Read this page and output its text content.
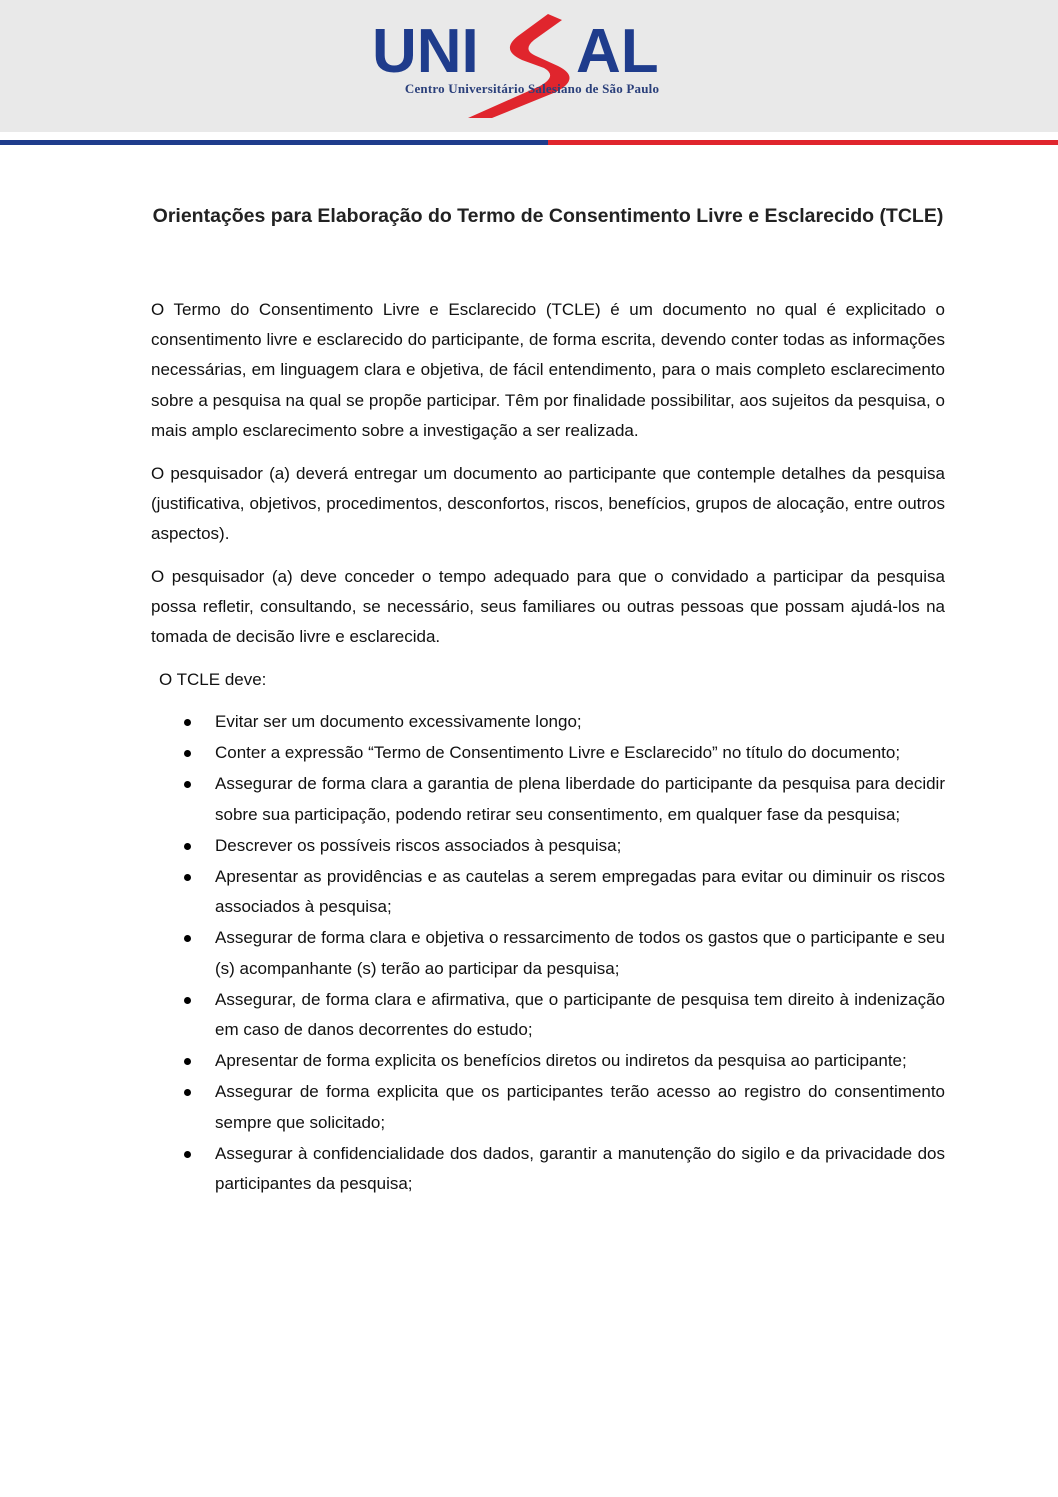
UNI AL
Centro Universitário Salesiano de São Paulo
Orientações para Elaboração do Termo de Consentimento Livre e Esclarecido (TCLE)

O Termo do Consentimento Livre e Esclarecido (TCLE) é um documento no qual é explicitado o consentimento livre e esclarecido do participante, de forma escrita, devendo conter todas as informações necessárias, em linguagem clara e objetiva, de fácil entendimento, para o mais completo esclarecimento sobre a pesquisa na qual se propõe participar. Têm por finalidade possibilitar, aos sujeitos da pesquisa, o mais amplo esclarecimento sobre a investigação a ser realizada.

O pesquisador (a) deverá entregar um documento ao participante que contemple detalhes da pesquisa (justificativa, objetivos, procedimentos, desconfortos, riscos, benefícios, grupos de alocação, entre outros aspectos).

O pesquisador (a) deve conceder o tempo adequado para que o convidado a participar da pesquisa possa refletir, consultando, se necessário, seus familiares ou outras pessoas que possam ajudá-los na tomada de decisão livre e esclarecida.

O TCLE deve:

Evitar ser um documento excessivamente longo;
Conter a expressão “Termo de Consentimento Livre e Esclarecido” no título do documento;
Assegurar de forma clara a garantia de plena liberdade do participante da pesquisa para decidir sobre sua participação, podendo retirar seu consentimento, em qualquer fase da pesquisa;
Descrever os possíveis riscos associados à pesquisa;
Apresentar as providências e as cautelas a serem empregadas para evitar ou diminuir os riscos associados à pesquisa;
Assegurar de forma clara e objetiva o ressarcimento de todos os gastos que o participante e seu (s) acompanhante (s) terão ao participar da pesquisa;
Assegurar, de forma clara e afirmativa, que o participante de pesquisa tem direito à indenização em caso de danos decorrentes do estudo;
Apresentar de forma explicita os benefícios diretos ou indiretos da pesquisa ao participante;
Assegurar de forma explicita que os participantes terão acesso ao registro do consentimento sempre que solicitado;
Assegurar à confidencialidade dos dados, garantir a manutenção do sigilo e da privacidade dos participantes da pesquisa;
